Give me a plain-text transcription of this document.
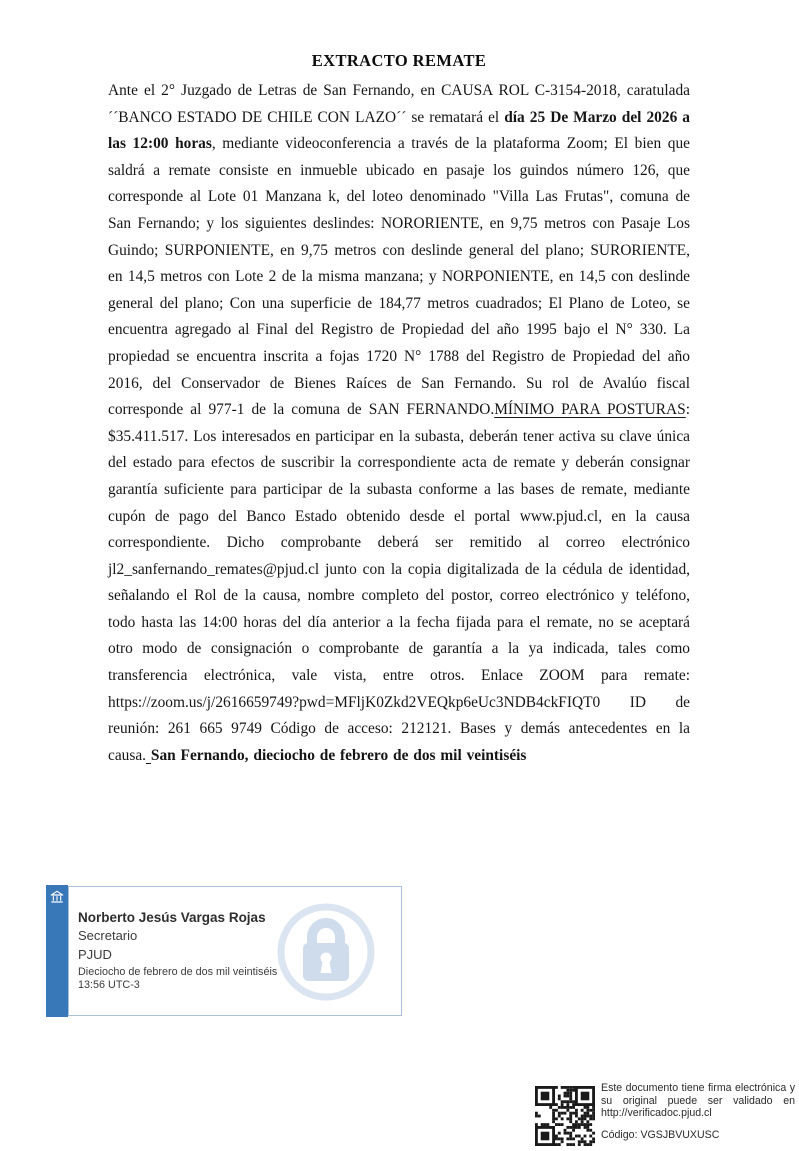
EXTRACTO REMATE
Ante el 2° Juzgado de Letras de San Fernando, en CAUSA ROL C-3154-2018, caratulada ´´BANCO ESTADO DE CHILE CON LAZO´´ se rematará el día 25 De Marzo del 2026 a las 12:00 horas, mediante videoconferencia a través de la plataforma Zoom; El bien que saldrá a remate consiste en inmueble ubicado en pasaje los guindos número 126, que corresponde al Lote 01 Manzana k, del loteo denominado "Villa Las Frutas", comuna de San Fernando; y los siguientes deslindes: NORORIENTE, en 9,75 metros con Pasaje Los Guindo; SURPONIENTE, en 9,75 metros con deslinde general del plano; SURORIENTE, en 14,5 metros con Lote 2 de la misma manzana; y NORPONIENTE, en 14,5 con deslinde general del plano; Con una superficie de 184,77 metros cuadrados; El Plano de Loteo, se encuentra agregado al Final del Registro de Propiedad del año 1995 bajo el N° 330. La propiedad se encuentra inscrita a fojas 1720 N° 1788 del Registro de Propiedad del año 2016, del Conservador de Bienes Raíces de San Fernando. Su rol de Avalúo fiscal corresponde al 977-1 de la comuna de SAN FERNANDO.MÍNIMO PARA POSTURAS: $35.411.517. Los interesados en participar en la subasta, deberán tener activa su clave única del estado para efectos de suscribir la correspondiente acta de remate y deberán consignar garantía suficiente para participar de la subasta conforme a las bases de remate, mediante cupón de pago del Banco Estado obtenido desde el portal www.pjud.cl, en la causa correspondiente. Dicho comprobante deberá ser remitido al correo electrónico jl2_sanfernando_remates@pjud.cl junto con la copia digitalizada de la cédula de identidad, señalando el Rol de la causa, nombre completo del postor, correo electrónico y teléfono, todo hasta las 14:00 horas del día anterior a la fecha fijada para el remate, no se aceptará otro modo de consignación o comprobante de garantía a la ya indicada, tales como transferencia electrónica, vale vista, entre otros. Enlace ZOOM para remate: https://zoom.us/j/2616659749?pwd=MFljK0Zkd2VEQkp6eUc3NDB4ckFIQT0 ID de reunión: 261 665 9749 Código de acceso: 212121. Bases y demás antecedentes en la causa. San Fernando, dieciocho de febrero de dos mil veintiséis
Norberto Jesús Vargas Rojas
Secretario
PJUD
Dieciocho de febrero de dos mil veintiséis
13:56 UTC-3
Este documento tiene firma electrónica y su original puede ser validado en http://verificadoc.pjud.cl
Código: VGSJBVUXUSC
